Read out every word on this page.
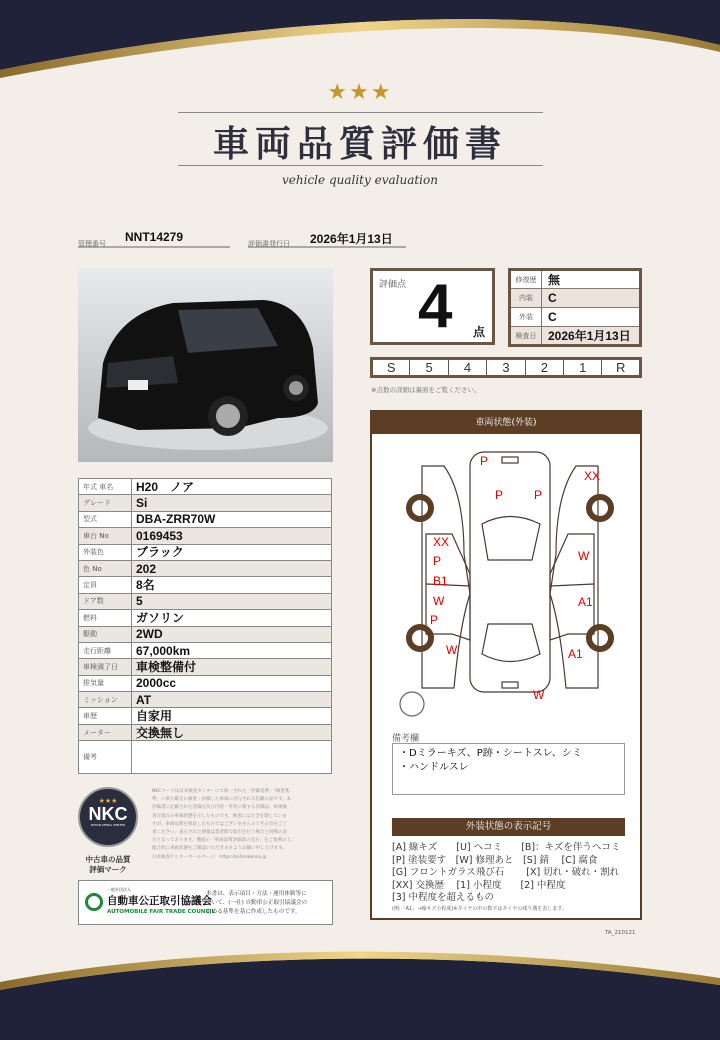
★★★
車両品質評価書
vehicle quality evaluation
管理番号 NNT14279	評価書発行日 2026年1月13日
年式 車名	H20　ノア
グレード	Si
型式	DBA-ZRR70W
車台 No	0169453
外装色	ブラック
色 No	202
定員	8名
ドア数	5
燃料	ガソリン
駆動	2WD
走行距離	67,000km
車検満了日	車検整備付
排気量	2000cc
ミッション	AT
車歴	自家用
メーター	交換無し
備考	
評価点 4 点
修復歴	無
内装	C
外装	C
検査日	2026年1月13日
S	5	4	3	2	1	R
※点数の詳細は裏面をご覧ください。
車両状態(外装)
P
P	P
XX
XX
P
B1
W
P
W
W
A1
A1
W
備考欄
・Dミラーキズ、P跡・シートスレ、シミ
・ハンドルスレ
外装状態の表示記号
[A] 線キズ　　[U] ヘコミ　　[B]：キズを伴うヘコミ
[P] 塗装要す　[W] 修理あと　[S] 錆　 [C] 腐食
[G] フロントガラス飛び石　　 [X] 切れ・破れ・割れ
[XX] 交換歴　 [1] 小程度　　[2] 中程度
[3] 中程度を超えるもの
(例:「A1」→線キズ小程度)※タイヤの中の数字はタイヤの残り溝を表します。
★★★
NKC
NIHON KENSA CENTER
中古車の品質
評価マーク
NKCマークは日本検査センターにて統一された「評価基準」「検査基
準」に則り厳正に検査・評価した車両に付与される信頼の証です。本
評価書に記載された評価点及び内装・外装に関する評価は、車両検
査日現在の車両状態を示したものです。検査には万全を期していま
すが、車両品質を保証したものではございませんのでその旨をご了
承ください。表示された情報は業者間で取引を行う場合と同様の表
示となっております。裏面の「車両品質評価書の見方」をご参照の上、
総合的に車両状態をご確認いただきますようお願い申し上げます。
日本検査センターホームページ：https://nihonkensa.jp
一般社団法人
自動車公正取引協議会
AUTOMOBILE FAIR TRADE COUNCIL
本書は、表示項目・方法・運用体制等に
ついて、(一社) 自動車公正取引協議会の
定める基準を基に作成したものです。
TA_210121
